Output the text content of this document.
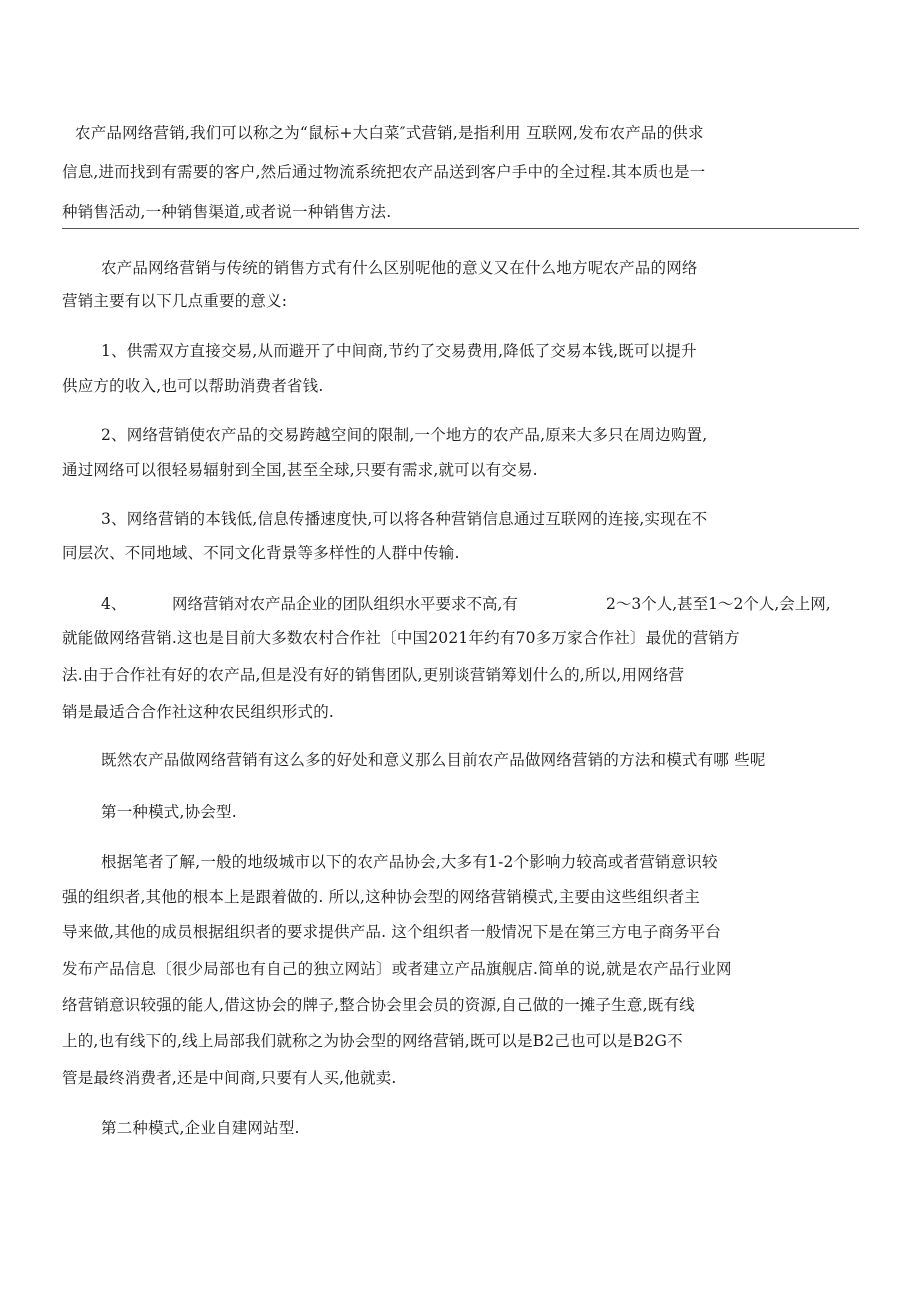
农产品网络营销,我们可以称之为“鼠标+大白菜″式营销,是指利用 互联网,发布农产品的供求
信息,进而找到有需要的客户,然后通过物流系统把农产品送到客户手中的全过程.其本质也是一
种销售活动,一种销售渠道,或者说一种销售方法.
农产品网络营销与传统的销售方式有什么区别呢他的意义又在什么地方呢农产品的网络
营销主要有以下几点重要的意义:
1、供需双方直接交易,从而避开了中间商,节约了交易费用,降低了交易本钱,既可以提升
供应方的收入,也可以帮助消费者省钱.
2、网络营销使农产品的交易跨越空间的限制,一个地方的农产品,原来大多只在周边购置,
通过网络可以很轻易辐射到全国,甚至全球,只要有需求,就可以有交易.
3、网络营销的本钱低,信息传播速度快,可以将各种营销信息通过互联网的连接,实现在不
同层次、不同地域、不同文化背景等多样性的人群中传输.
4、	网络营销对农产品企业的团队组织水平要求不高,有	2〜3个人,甚至1〜2个人,会上网,
就能做网络营销.这也是目前大多数农村合作社〔中国2021年约有70多万家合作社〕最优的营销方
法.由于合作社有好的农产品,但是没有好的销售团队,更别谈营销筹划什么的,所以,用网络营
销是最适合合作社这种农民组织形式的.
既然农产品做网络营销有这么多的好处和意义那么目前农产品做网络营销的方法和模式有哪 些呢
第一种模式,协会型.
根据笔者了解,一般的地级城市以下的农产品协会,大多有1-2个影响力较高或者营销意识较
强的组织者,其他的根本上是跟着做的. 所以,这种协会型的网络营销模式,主要由这些组织者主
导来做,其他的成员根据组织者的要求提供产品. 这个组织者一般情况下是在第三方电子商务平台
发布产品信息〔很少局部也有自己的独立网站〕或者建立产品旗舰店.简单的说,就是农产品行业网
络营销意识较强的能人,借这协会的牌子,整合协会里会员的资源,自己做的一摊子生意,既有线
上的,也有线下的,线上局部我们就称之为协会型的网络营销,既可以是B2己也可以是B2G不
管是最终消费者,还是中间商,只要有人买,他就卖.
第二种模式,企业自建网站型.
